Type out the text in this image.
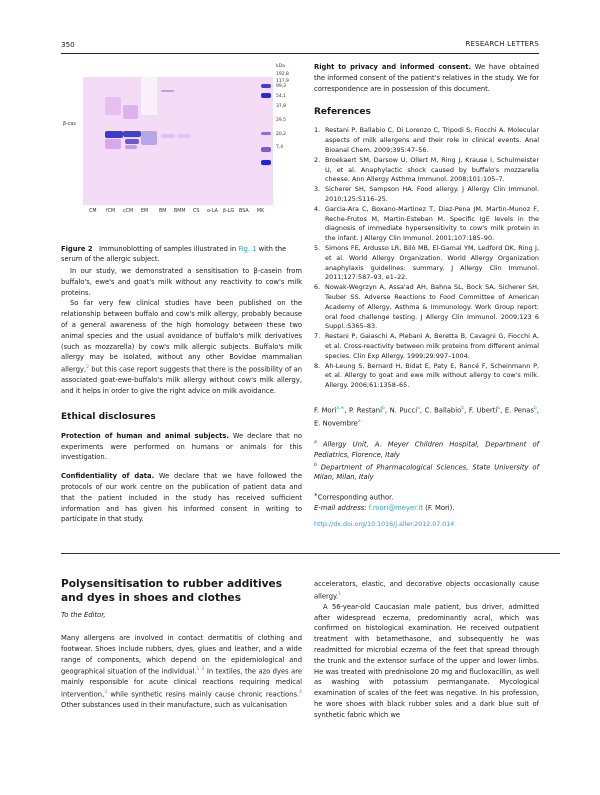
350	RESEARCH LETTERS
β-cas
kDa
192,8
117,9
99,3
54,1
37,8
29,5
20,2
7,4
CM fCM cCM EM BM BMM CS α-LA β-LG BSA MK
Figure 2 Immunoblotting of samples illustrated in Fig. 1 with the serum of the allergic subject.

In our study, we demonstrated a sensitisation to β-casein from buffalo's, ewe's and goat's milk without any reactivity to cow's milk proteins.

So far very few clinical studies have been published on the relationship between buffalo and cow's milk allergy, probably because of a general awareness of the high homology between these two animal species and the usual avoidance of buffalo's milk derivatives (such as mozzarella) by cow's milk allergic subjects. Buffalo's milk allergy may be isolated, without any other Bovidae mammalian allergy,$^2$ but this case report suggests that there is the possibility of an associated goat-ewe-buffalo's milk allergy without cow's milk allergy, and it helps in order to give the right advice on milk avoidance.

Ethical disclosures

Protection of human and animal subjects. We declare that no experiments were performed on humans or animals for this investigation.

Confidentiality of data. We declare that we have followed the protocols of our work centre on the publication of patient data and that the patient included in the study has received sufficient information and has given his informed consent in writing to participate in that study.

Right to privacy and informed consent. We have obtained the informed consent of the patient's relatives in the study. We for correspondence are in possession of this document.

References
1. Restani P, Ballabio C, Di Lorenzo C, Tripodi S, Fiocchi A. Molecular aspects of milk allergens and their role in clinical events. Anal Bioanal Chem. 2009;395:47–56.
2. Broekaert SM, Darsow U, Ollert M, Ring J, Krause I, Schulmeister U, et al. Anaphylactic shock caused by buffalo's mozzarella cheese. Ann Allergy Asthma Immunol. 2008;101:105–7.
3. Sicherer SH, Sampson HA. Food allergy. J Allergy Clin Immunol. 2010;125:S116–25.
4. Garcia-Ara C, Boxano-Martinez T, Diaz-Pena JM, Martin-Munoz F, Reche-Frutos M, Martin-Esteban M. Specific IgE levels in the diagnosis of immediate hypersensitivity to cow's milk protein in the infant. J Allergy Clin Immunol. 2001;107:185–90.
5. Simons FE, Ardusso LR, Bilò MB, El-Gamal YM, Ledford DK, Ring J, et al. World Allergy Organization. World Allergy Organization anaphylaxis guidelines: summary. J Allergy Clin Immunol. 2011;127:587–93, e1–22.
6. Nowak-Wegrzyn A, Assa'ad AH, Bahna SL, Bock SA, Sicherer SH, Teuber SS. Adverse Reactions to Food Committee of American Academy of Allergy, Asthma & Immunology. Work Group report: oral food challenge testing. J Allergy Clin Immunol. 2009;123 6 Suppl.:S365–83.
7. Restani P, Gaiaschi A, Plebani A, Beretta B, Cavagni G, Fiocchi A, et al. Cross-reactivity between milk proteins from different animal species. Clin Exp Allergy. 1999;29:997–1004.
8. Ah-Leung S, Bernard H, Bidat E, Paty E, Rancé F, Scheinmann P, et al. Allergy to goat and ewe milk without allergy to cow's milk. Allergy. 2006;61:1358–65.
F. Mori$^{a,∗}$, P. Restani$^b$, N. Pucci$^a$, C. Ballabio$^b$, F. Uberti$^b$, E. Penas$^b$, E. Novembre$^a$
$^a$ Allergy Unit, A. Meyer Children Hospital, Department of Pediatrics, Florence, Italy
$^b$ Department of Pharmacological Sciences, State University of Milan, Milan, Italy
∗Corresponding author.
E-mail address: f.mori@meyer.it (F. Mori).
http://dx.doi.org/10.1016/j.aller.2012.07.014
Polysensitisation to rubber additives and dyes in shoes and clothes
To the Editor,

Many allergens are involved in contact dermatitis of clothing and footwear. Shoes include rubbers, dyes, glues and leather, and a wide range of components, which depend on the epidemiological and geographical situation of the individual.$^{1-3}$ In textiles, the azo dyes are mainly responsible for acute clinical reactions requiring medical intervention,$^3$ while synthetic resins mainly cause chronic reactions.$^4$ Other substances used in their manufacture, such as vulcanisation

accelerators, elastic, and decorative objects occasionally cause allergy.$^1$

A 56-year-old Caucasian male patient, bus driver, admitted after widespread eczema, predominantly acral, which was confirmed on histological examination. He received outpatient treatment with betamethasone, and subsequently he was readmitted for microbial eczema of the feet that spread through the trunk and the extensor surface of the upper and lower limbs. He was treated with prednisolone 20 mg and flucloxacillin, as well as washing with potassium permanganate. Mycological examination of scales of the feet was negative. In his profession, he wore shoes with black rubber soles and a dark blue suit of synthetic fabric which we
